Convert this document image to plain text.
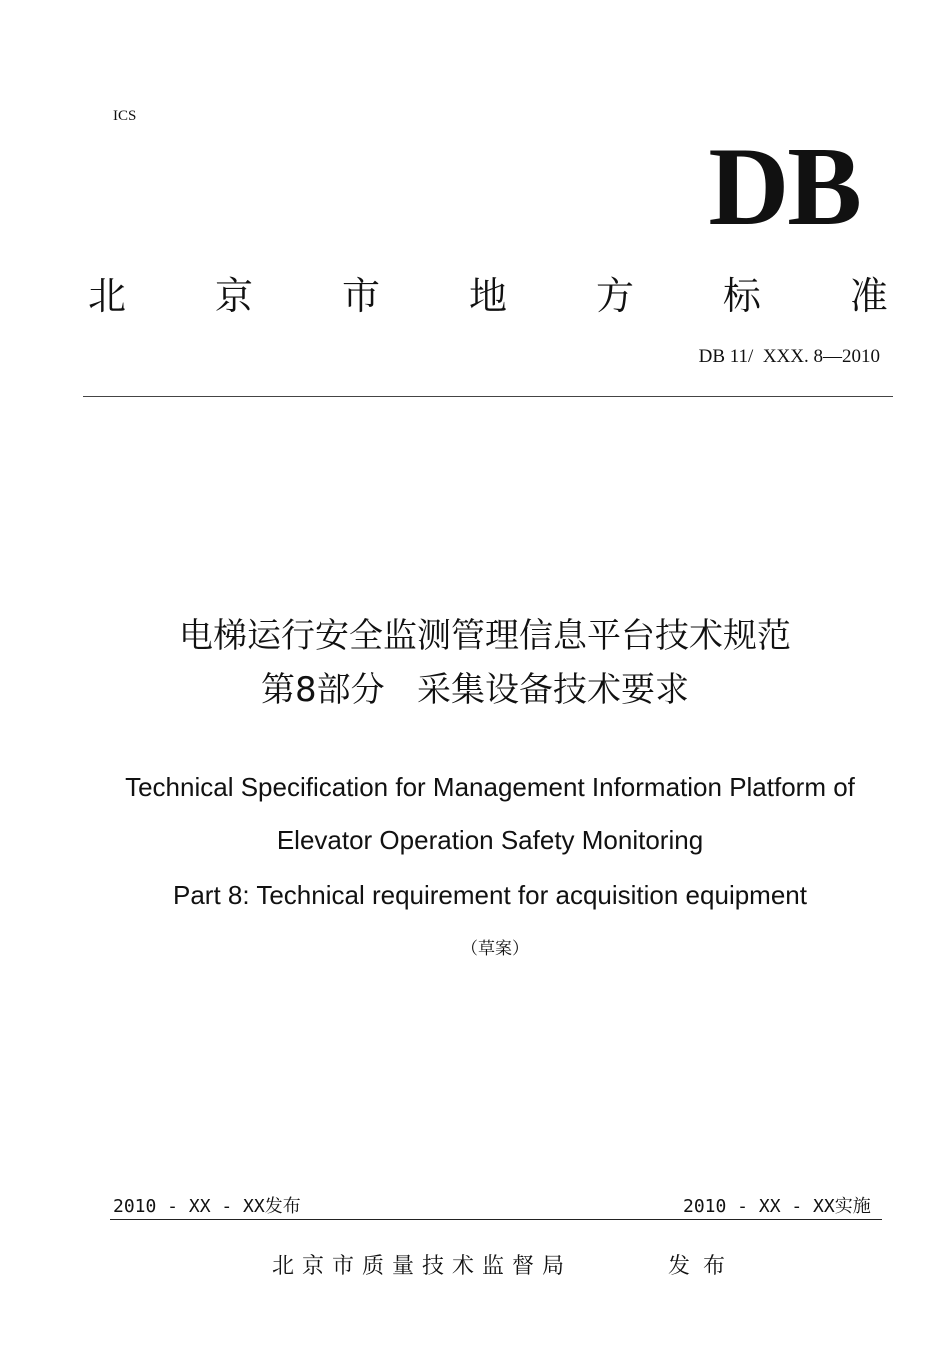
ICS
DB
北 京 市 地 方 标 准
DB 11/  XXX. 8—2010
电梯运行安全监测管理信息平台技术规范
第8部分   采集设备技术要求
Technical Specification for Management Information Platform of
Elevator Operation Safety Monitoring
Part 8: Technical requirement for acquisition equipment
（草案）
2010 - XX - XX发布	2010 - XX - XX实施
北京市质量技术监督局	发布
